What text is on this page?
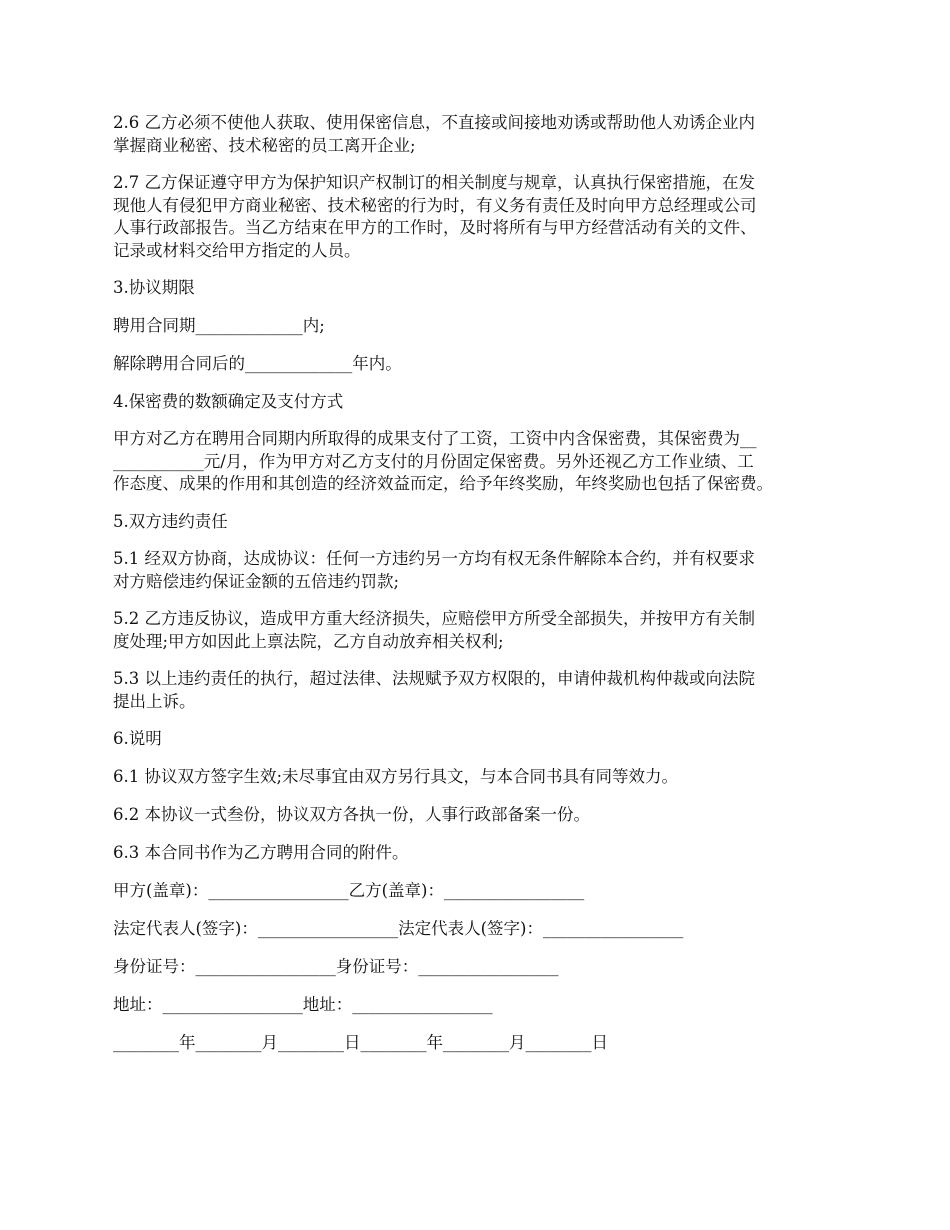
2.6 乙方必须不使他人获取、使用保密信息，不直接或间接地劝诱或帮助他人劝诱企业内
掌握商业秘密、技术秘密的员工离开企业;
2.7 乙方保证遵守甲方为保护知识产权制订的相关制度与规章，认真执行保密措施，在发
现他人有侵犯甲方商业秘密、技术秘密的行为时，有义务有责任及时向甲方总经理或公司
人事行政部报告。当乙方结束在甲方的工作时，及时将所有与甲方经营活动有关的文件、
记录或材料交给甲方指定的人员。
3.协议期限
聘用合同期_____________内;
解除聘用合同后的_____________年内。
4.保密费的数额确定及支付方式
甲方对乙方在聘用合同期内所取得的成果支付了工资，工资中内含保密费，其保密费为__
___________元/月，作为甲方对乙方支付的月份固定保密费。另外还视乙方工作业绩、工
作态度、成果的作用和其创造的经济效益而定，给予年终奖励，年终奖励也包括了保密费。
5.双方违约责任
5.1 经双方协商，达成协议：任何一方违约另一方均有权无条件解除本合约，并有权要求
对方赔偿违约保证金额的五倍违约罚款;
5.2 乙方违反协议，造成甲方重大经济损失，应赔偿甲方所受全部损失，并按甲方有关制
度处理;甲方如因此上禀法院，乙方自动放弃相关权利;
5.3 以上违约责任的执行，超过法律、法规赋予双方权限的，申请仲裁机构仲裁或向法院
提出上诉。
6.说明
6.1 协议双方签字生效;未尽事宜由双方另行具文，与本合同书具有同等效力。
6.2 本协议一式叁份，协议双方各执一份，人事行政部备案一份。
6.3 本合同书作为乙方聘用合同的附件。
甲方(盖章)：_________________乙方(盖章)：_________________
法定代表人(签字)：_________________法定代表人(签字)：_________________
身份证号：_________________身份证号：_________________
地址：_________________地址：_________________
________年________月________日________年________月________日
